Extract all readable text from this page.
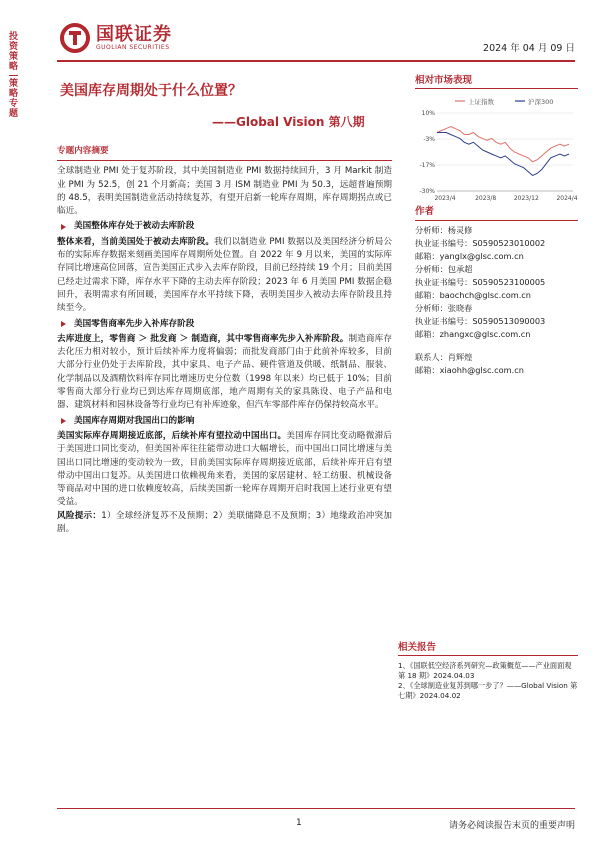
投
资
策
略
策
略
专
题
国联证券
GUOLIAN SECURITIES	2024 年 04 月 09 日
美国库存周期处于什么位置？
——Global Vision 第八期
专题内容摘要

全球制造业 PMI 处于复苏阶段，其中美国制造业 PMI 数据持续回升，3 月 Markit 制造业 PMI 为 52.5，创 21 个月新高；美国 3 月 ISM 制造业 PMI 为 50.3，远超普遍预期的 48.5，表明美国制造业活动持续复苏，有望开启新一轮库存周期，库存周期拐点或已临近。

美国整体库存处于被动去库阶段

整体来看，当前美国处于被动去库阶段。我们以制造业 PMI 数据以及美国经济分析局公布的实际库存数据来刻画美国库存周期所处位置。自 2022 年 9 月以来，美国的实际库存同比增速高位回落，宣告美国正式步入去库存阶段，目前已经持续 19 个月；目前美国已经走过需求下降，库存水平下降的主动去库存阶段；2023 年 6 月美国 PMI 数据企稳回升，表明需求有所回暖，美国库存水平持续下降，表明美国步入被动去库存阶段且持续至今。

美国零售商率先步入补库存阶段

去库进度上，零售商 ＞ 批发商 ＞ 制造商，其中零售商率先步入补库阶段。制造商库存去化压力相对较小，预计后续补库力度将偏弱；而批发商部门由于此前补库较多，目前大部分行业仍处于去库阶段，其中家具、电子产品、硬件管道及供暖、纸制品、服装、化学制品以及酒精饮料库存同比增速历史分位数（1998 年以来）均已低于 10%；目前零售商大部分行业均已到达库存周期底部，地产周期有关的家具陈设、电子产品和电器、建筑材料和园林设备等行业均已有补库迹象，但汽车零部件库存仍保持较高水平。

美国库存周期对我国出口的影响

美国实际库存周期接近底部，后续补库有望拉动中国出口。美国库存同比变动略微滞后于美国进口同比变动，但美国补库往往能带动进口大幅增长，而中国出口同比增速与美国出口同比增速的变动较为一致，目前美国实际库存周期接近底部，后续补库开启有望带动中国出口复苏。从美国进口依赖视角来看，美国的家居建材、轻工纺服、机械设备等商品对中国的进口依赖度较高，后续美国新一轮库存周期开启时我国上述行业更有望受益。

风险提示：1）全球经济复苏不及预期；2）美联储降息不及预期；3）地缘政治冲突加剧。

相对市场表现
上证指数	沪深300
10%
-3%
-17%
-30%
2023/4	2023/8	2023/12	2024/4
作者
分析师：杨灵修
执业证书编号：S0590523010002
邮箱：yanglx@glsc.com.cn
分析师：包承超
执业证书编号：S0590523100005
邮箱：baochch@glsc.com.cn
分析师：张晓春
执业证书编号：S0590513090003
邮箱：zhangxc@glsc.com.cn
联系人：肖辉煌
邮箱：xiaohh@glsc.com.cn
相关报告
1、《国联低空经济系列研究—政策概览——产业面面观第 18 期》2024.04.03
2、《全球制造业复苏到哪一步了？——Global Vision 第七期》2024.04.02
1	请务必阅读报告末页的重要声明
